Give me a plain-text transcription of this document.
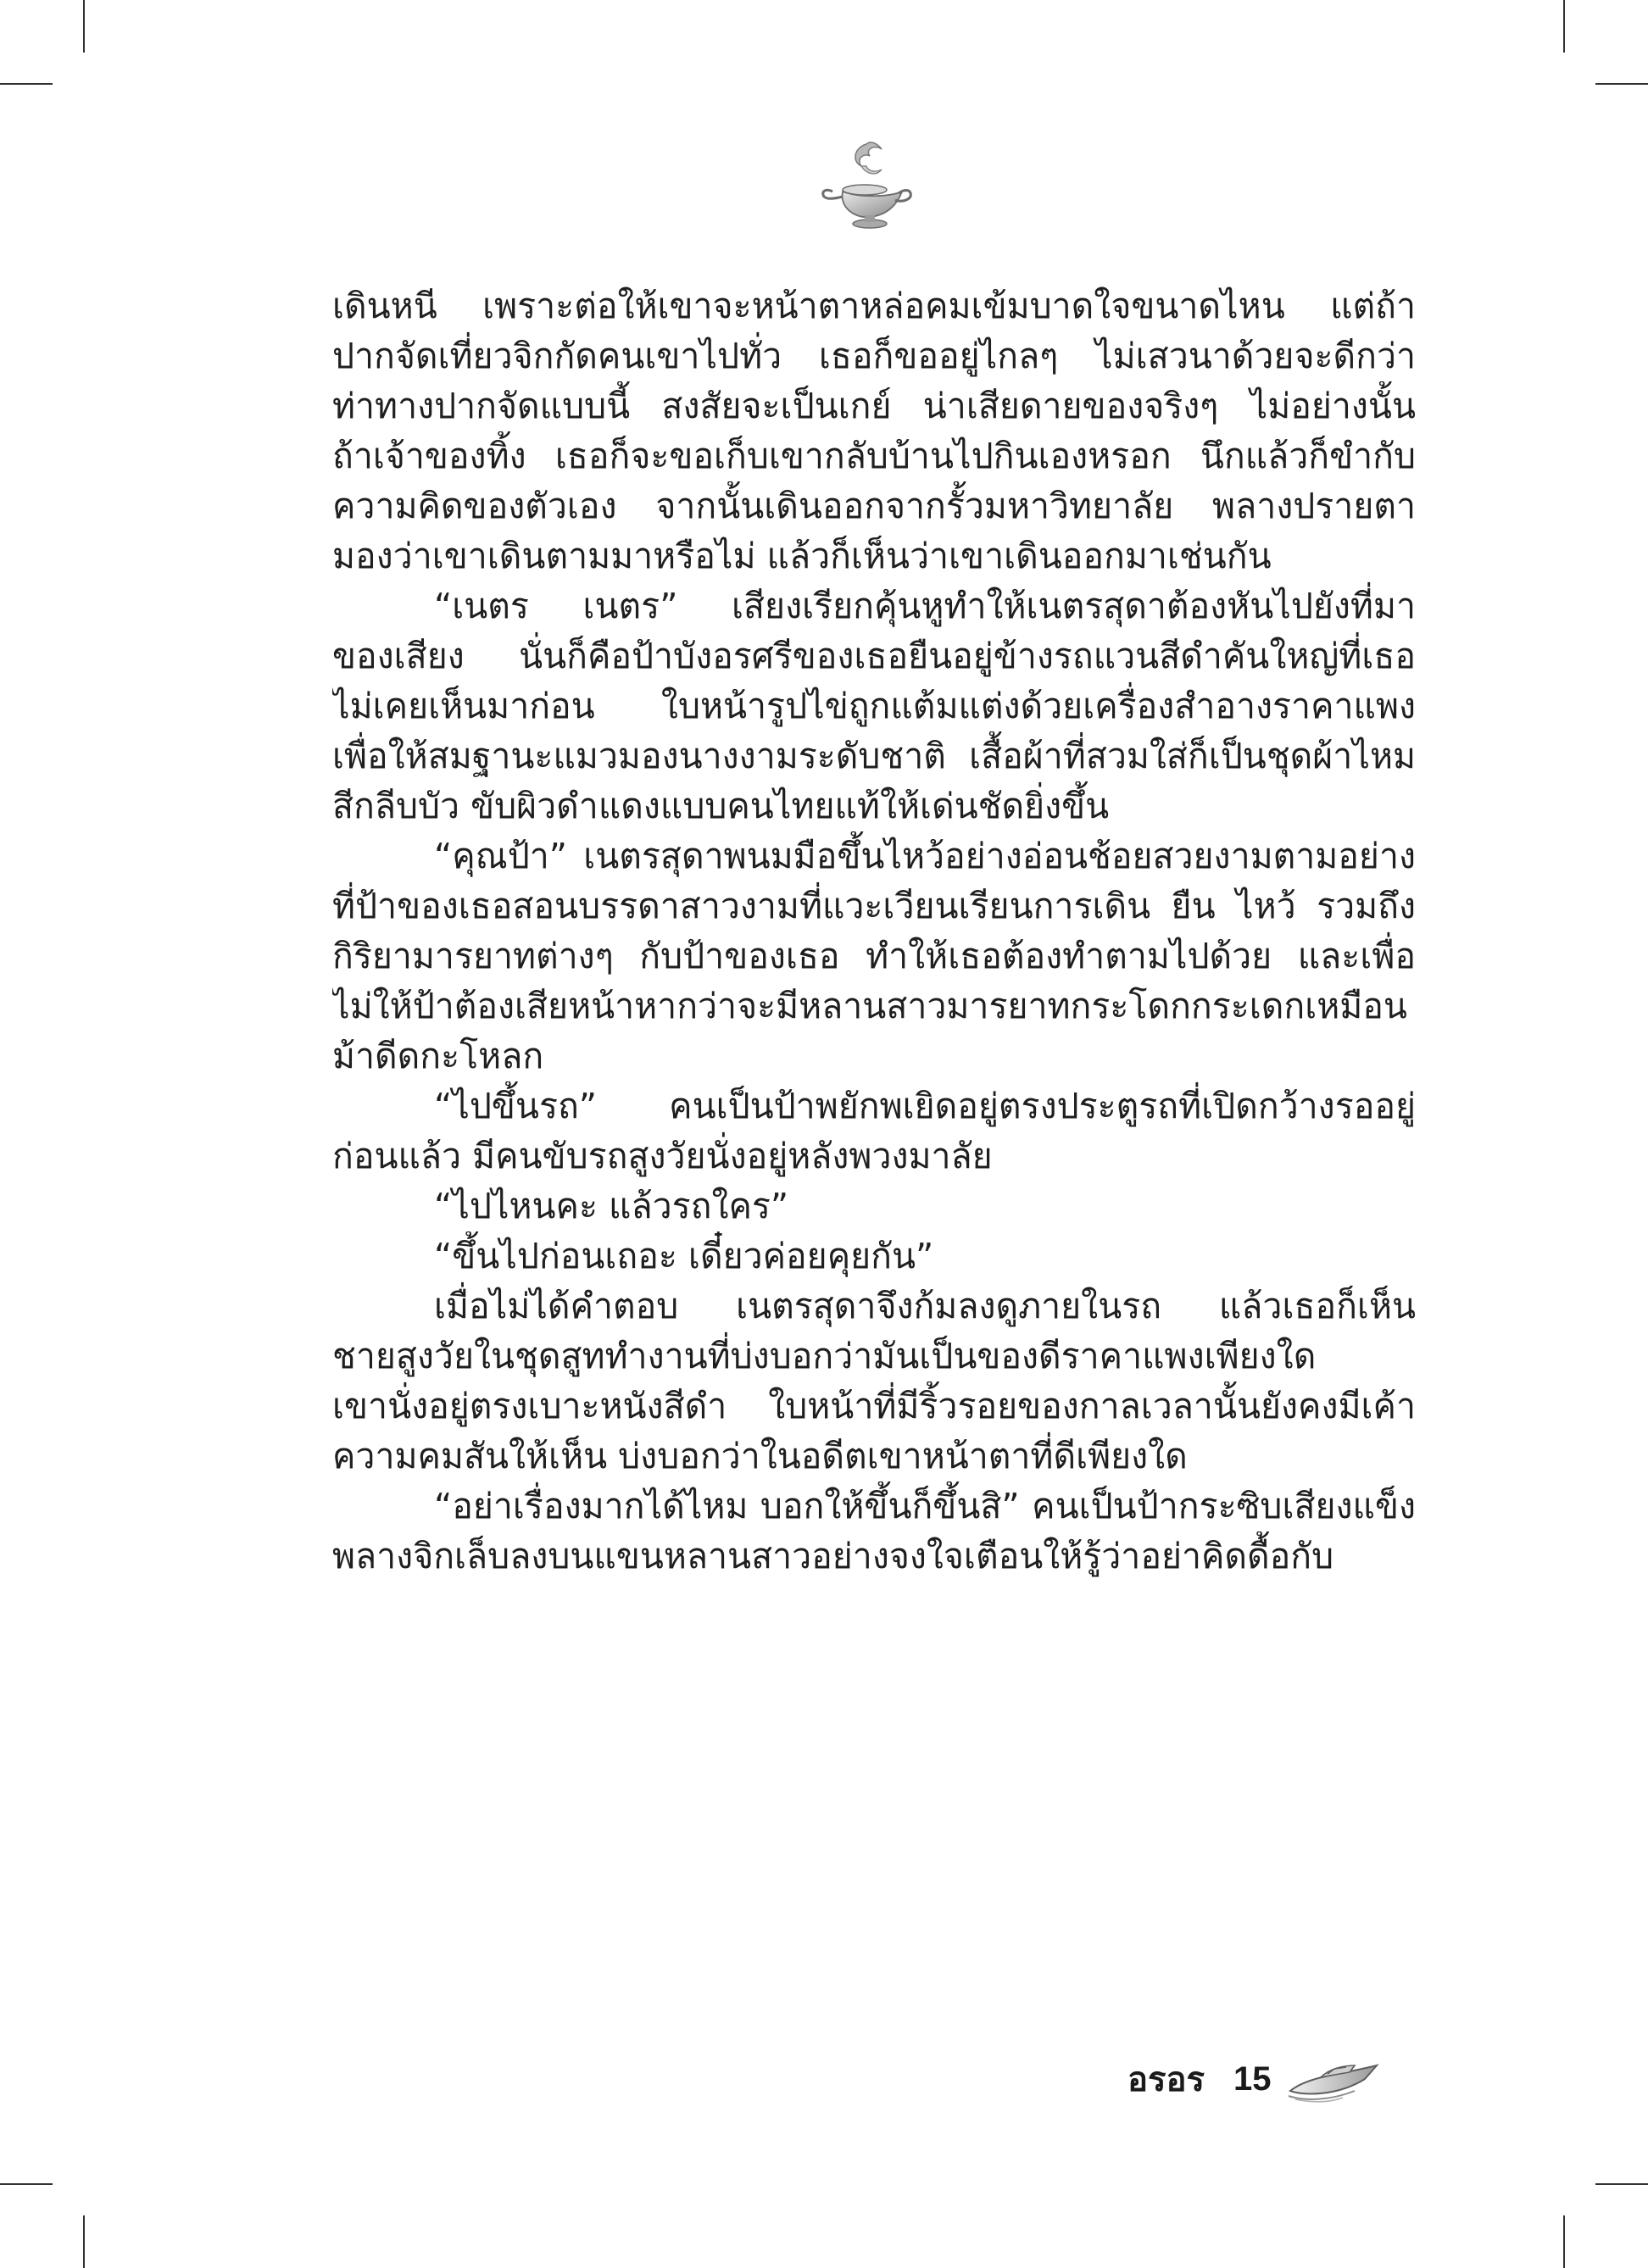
เดินหนี เพราะต่อให้เขาจะหน้าตาหล่อคมเข้มบาดใจขนาดไหน แต่ถ้า
ปากจัดเที่ยวจิกกัดคนเขาไปทั่ว เธอก็ขออยู่ไกลๆ ไม่เสวนาด้วยจะดีกว่า
ท่าทางปากจัดแบบนี้ สงสัยจะเป็นเกย์ น่าเสียดายของจริงๆ ไม่อย่างนั้น
ถ้าเจ้าของทิ้ง เธอก็จะขอเก็บเขากลับบ้านไปกินเองหรอก นึกแล้วก็ขำกับ
ความคิดของตัวเอง จากนั้นเดินออกจากรั้วมหาวิทยาลัย พลางปรายตา
มองว่าเขาเดินตามมาหรือไม่ แล้วก็เห็นว่าเขาเดินออกมาเช่นกัน
“เนตร เนตร” เสียงเรียกคุ้นหูทำให้เนตรสุดาต้องหันไปยังที่มา
ของเสียง นั่นก็คือป้าบังอรศรีของเธอยืนอยู่ข้างรถแวนสีดำคันใหญ่ที่เธอ
ไม่เคยเห็นมาก่อน ใบหน้ารูปไข่ถูกแต้มแต่งด้วยเครื่องสำอางราคาแพง
เพื่อให้สมฐานะแมวมองนางงามระดับชาติ เสื้อผ้าที่สวมใส่ก็เป็นชุดผ้าไหม
สีกลีบบัว ขับผิวดำแดงแบบคนไทยแท้ให้เด่นชัดยิ่งขึ้น
“คุณป้า” เนตรสุดาพนมมือขึ้นไหว้อย่างอ่อนช้อยสวยงามตามอย่าง
ที่ป้าของเธอสอนบรรดาสาวงามที่แวะเวียนเรียนการเดิน ยืน ไหว้ รวมถึง
กิริยามารยาทต่างๆ กับป้าของเธอ ทำให้เธอต้องทำตามไปด้วย และเพื่อ
ไม่ให้ป้าต้องเสียหน้าหากว่าจะมีหลานสาวมารยาทกระโดกกระเดกเหมือน
ม้าดีดกะโหลก
“ไปขึ้นรถ” คนเป็นป้าพยักพเยิดอยู่ตรงประตูรถที่เปิดกว้างรออยู่
ก่อนแล้ว มีคนขับรถสูงวัยนั่งอยู่หลังพวงมาลัย
“ไปไหนคะ แล้วรถใคร”
“ขึ้นไปก่อนเถอะ เดี๋ยวค่อยคุยกัน”
เมื่อไม่ได้คำตอบ เนตรสุดาจึงก้มลงดูภายในรถ แล้วเธอก็เห็น
ชายสูงวัยในชุดสูททำงานที่บ่งบอกว่ามันเป็นของดีราคาแพงเพียงใด
เขานั่งอยู่ตรงเบาะหนังสีดำ ใบหน้าที่มีริ้วรอยของกาลเวลานั้นยังคงมีเค้า
ความคมสันให้เห็น บ่งบอกว่าในอดีตเขาหน้าตาที่ดีเพียงใด
“อย่าเรื่องมากได้ไหม บอกให้ขึ้นก็ขึ้นสิ” คนเป็นป้ากระซิบเสียงแข็ง
พลางจิกเล็บลงบนแขนหลานสาวอย่างจงใจเตือนให้รู้ว่าอย่าคิดดื้อกับ
อรอร 15
